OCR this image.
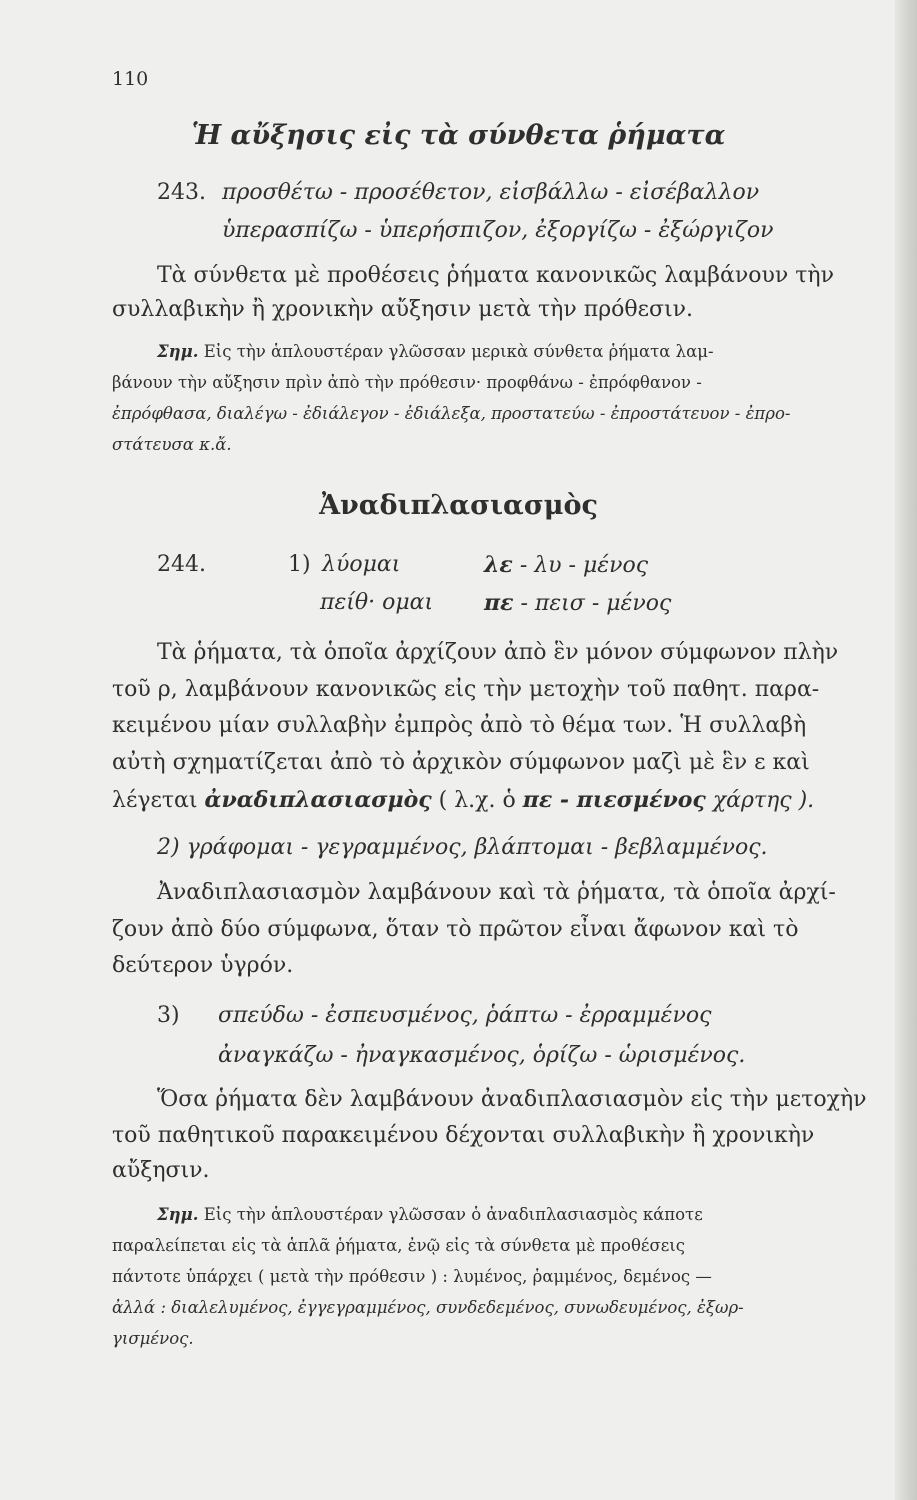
110
Ἡ αὔξησις εἰς τὰ σύνθετα ῥήματα
243. προσθέτω - προσέθετον, εἰσβάλλω - εἰσέβαλλον
ὑπερασπίζω - ὑπερήσπιζον, ἐξοργίζω - ἐξώργιζον
Τὰ σύνθετα μὲ προθέσεις ῥήματα κανονικῶς λαμβάνουν τὴν
συλλαβικὴν ἢ χρονικὴν αὔξησιν μετὰ τὴν πρόθεσιν.
Σημ. Εἰς τὴν ἁπλουστέραν γλῶσσαν μερικὰ σύνθετα ῥήματα λαμ-
βάνουν τὴν αὔξησιν πρὶν ἀπὸ τὴν πρόθεσιν· προφθάνω - ἐπρόφθανον -
ἐπρόφθασα, διαλέγω - ἐδιάλεγον - ἐδιάλεξα, προστατεύω - ἐπροστάτευον - ἐπρο-
στάτευσα κ.ἄ.
Ἀναδιπλασιασμὸς
244.	1) λύομαι	λε - λυ - μένος
πείθ· ομαι πε - πεισ - μένος
Τὰ ῥήματα, τὰ ὁποῖα ἀρχίζουν ἀπὸ ἓν μόνον σύμφωνον πλὴν
τοῦ ρ, λαμβάνουν κανονικῶς εἰς τὴν μετοχὴν τοῦ παθητ. παρα-
κειμένου μίαν συλλαβὴν ἐμπρὸς ἀπὸ τὸ θέμα των. Ἡ συλλαβὴ
αὐτὴ σχηματίζεται ἀπὸ τὸ ἀρχικὸν σύμφωνον μαζὶ μὲ ἓν ε καὶ
λέγεται ἀναδιπλασιασμὸς ( λ.χ. ὁ πε - πιεσμένος χάρτης ).
2) γράφομαι - γεγραμμένος, βλάπτομαι - βεβλαμμένος.
Ἀναδιπλασιασμὸν λαμβάνουν καὶ τὰ ῥήματα, τὰ ὁποῖα ἀρχί-
ζουν ἀπὸ δύο σύμφωνα, ὅταν τὸ πρῶτον εἶναι ἄφωνον καὶ τὸ
δεύτερον ὑγρόν.
3) σπεύδω - ἐσπευσμένος, ῥάπτω - ἐρραμμένος
ἀναγκάζω - ἠναγκασμένος, ὁρίζω - ὡρισμένος.
Ὅσα ῥήματα δὲν λαμβάνουν ἀναδιπλασιασμὸν εἰς τὴν μετοχὴν
τοῦ παθητικοῦ παρακειμένου δέχονται συλλαβικὴν ἢ χρονικὴν
αὔξησιν.
Σημ. Εἰς τὴν ἁπλουστέραν γλῶσσαν ὁ ἀναδιπλασιασμὸς κάποτε
παραλείπεται εἰς τὰ ἁπλᾶ ῥήματα, ἐνῷ εἰς τὰ σύνθετα μὲ προθέσεις
πάντοτε ὑπάρχει ( μετὰ τὴν πρόθεσιν ) : λυμένος, ῥαμμένος, δεμένος —
ἀλλά : διαλελυμένος, ἐγγεγραμμένος, συνδεδεμένος, συνωδευμένος, ἐξωρ-
γισμένος.
